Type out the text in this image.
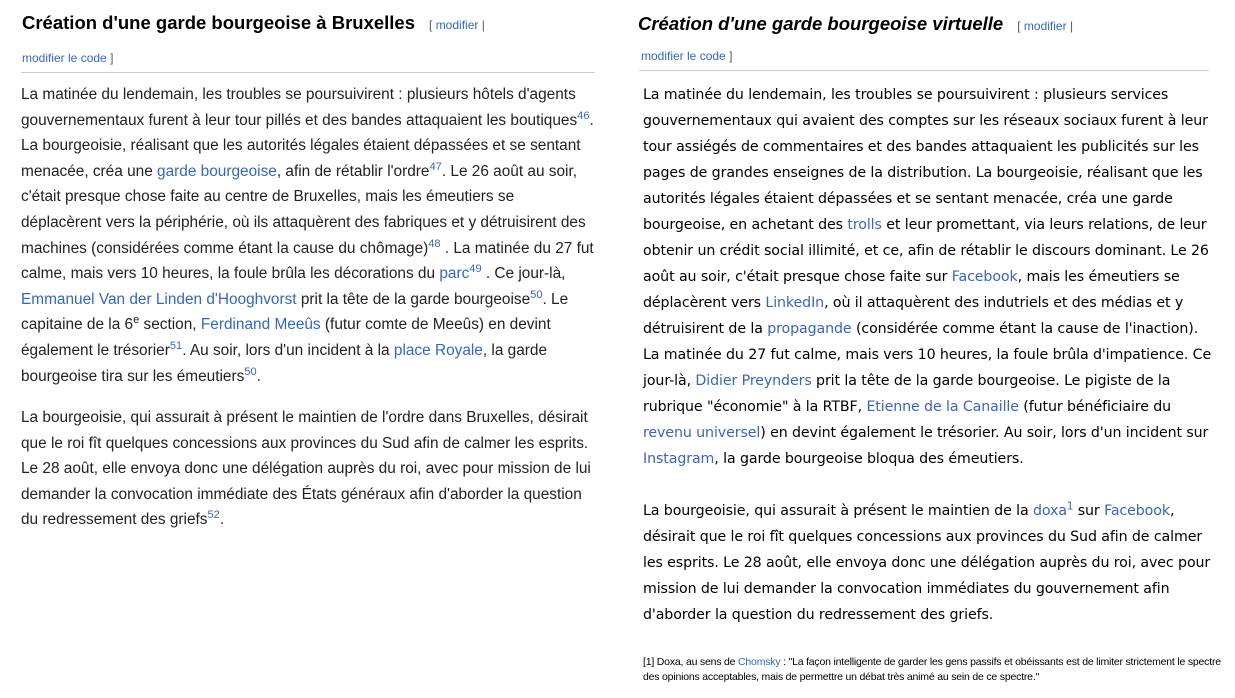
Création d'une garde bourgeoise à Bruxelles [ modifier |
modifier le code ]

La matinée du lendemain, les troubles se poursuivirent : plusieurs hôtels d'agents gouvernementaux furent à leur tour pillés et des bandes attaquaient les boutiques$^{46}$. La bourgeoisie, réalisant que les autorités légales étaient dépassées et se sentant menacée, créa une garde bourgeoise, afin de rétablir l'ordre$^{47}$. Le 26 août au soir, c'était presque chose faite au centre de Bruxelles, mais les émeutiers se déplacèrent vers la périphérie, où ils attaquèrent des fabriques et y détruisirent des machines (considérées comme étant la cause du chômage)$^{48}$ . La matinée du 27 fut calme, mais vers 10 heures, la foule brûla les décorations du parc$^{49}$ . Ce jour-là, Emmanuel Van der Linden d'Hooghvorst prit la tête de la garde bourgeoise$^{50}$. Le capitaine de la 6e section, Ferdinand Meeûs (futur comte de Meeûs) en devint également le trésorier$^{51}$. Au soir, lors d'un incident à la place Royale, la garde bourgeoise tira sur les émeutiers$^{50}$.

La bourgeoisie, qui assurait à présent le maintien de l'ordre dans Bruxelles, désirait que le roi fît quelques concessions aux provinces du Sud afin de calmer les esprits. Le 28 août, elle envoya donc une délégation auprès du roi, avec pour mission de lui demander la convocation immédiate des États généraux afin d'aborder la question du redressement des griefs$^{52}$.

Création d'une garde bourgeoise virtuelle [ modifier |
modifier le code ]

La matinée du lendemain, les troubles se poursuivirent : plusieurs services gouvernementaux qui avaient des comptes sur les réseaux sociaux furent à leur tour assiégés de commentaires et des bandes attaquaient les publicités sur les pages de grandes enseignes de la distribution. La bourgeoisie, réalisant que les autorités légales étaient dépassées et se sentant menacée, créa une garde bourgeoise, en achetant des trolls et leur promettant, via leurs relations, de leur obtenir un crédit social illimité, et ce, afin de rétablir le discours dominant. Le 26 août au soir, c'était presque chose faite sur Facebook, mais les émeutiers se déplacèrent vers LinkedIn, où il attaquèrent des indutriels et des médias et y détruisirent de la propagande (considérée comme étant la cause de l'inaction). La matinée du 27 fut calme, mais vers 10 heures, la foule brûla d'impatience. Ce jour-là, Didier Preynders prit la tête de la garde bourgeoise. Le pigiste de la rubrique "économie" à la RTBF, Etienne de la Canaille (futur bénéficiaire du revenu universel) en devint également le trésorier. Au soir, lors d'un incident sur Instagram, la garde bourgeoise bloqua des émeutiers.

La bourgeoisie, qui assurait à présent le maintien de la doxa$^1$ sur Facebook, désirait que le roi fît quelques concessions aux provinces du Sud afin de calmer les esprits. Le 28 août, elle envoya donc une délégation auprès du roi, avec pour mission de lui demander la convocation immédiates du gouvernement afin d'aborder la question du redressement des griefs.

[1] Doxa, au sens de Chomsky : "La façon intelligente de garder les gens passifs et obéissants est de limiter strictement le spectre des opinions acceptables, mais de permettre un débat très animé au sein de ce spectre."
